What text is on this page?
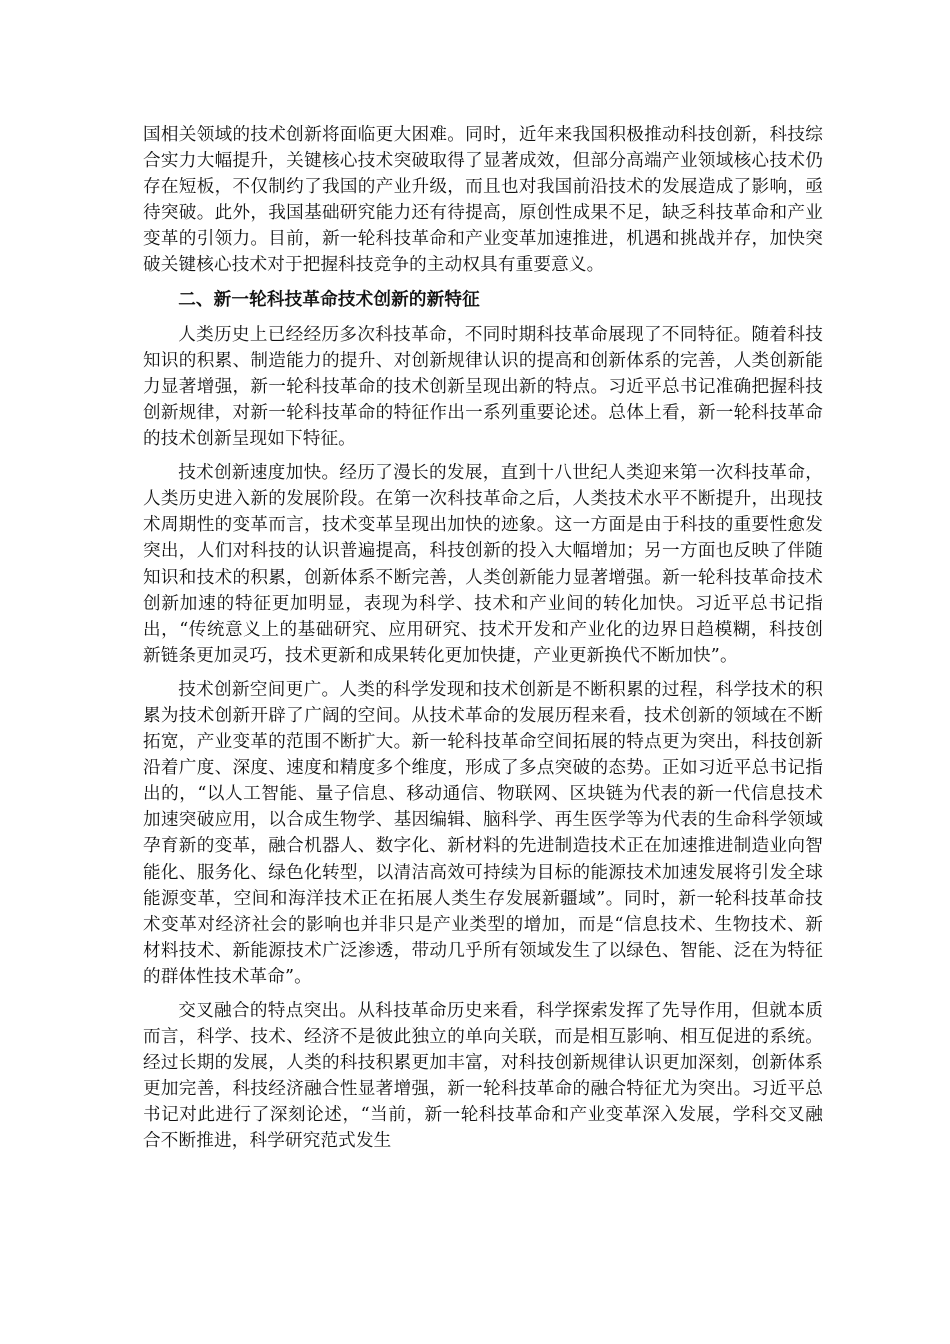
国相关领域的技术创新将面临更大困难。同时，近年来我国积极推动科技创新，科技综合实力大幅提升，关键核心技术突破取得了显著成效，但部分高端产业领域核心技术仍存在短板，不仅制约了我国的产业升级，而且也对我国前沿技术的发展造成了影响，亟待突破。此外，我国基础研究能力还有待提高，原创性成果不足，缺乏科技革命和产业变革的引领力。目前，新一轮科技革命和产业变革加速推进，机遇和挑战并存，加快突破关键核心技术对于把握科技竞争的主动权具有重要意义。

二、新一轮科技革命技术创新的新特征

人类历史上已经经历多次科技革命，不同时期科技革命展现了不同特征。随着科技知识的积累、制造能力的提升、对创新规律认识的提高和创新体系的完善，人类创新能力显著增强，新一轮科技革命的技术创新呈现出新的特点。习近平总书记准确把握科技创新规律，对新一轮科技革命的特征作出一系列重要论述。总体上看，新一轮科技革命的技术创新呈现如下特征。

技术创新速度加快。经历了漫长的发展，直到十八世纪人类迎来第一次科技革命，人类历史进入新的发展阶段。在第一次科技革命之后，人类技术水平不断提升，出现技术周期性的变革而言，技术变革呈现出加快的迹象。这一方面是由于科技的重要性愈发突出，人们对科技的认识普遍提高，科技创新的投入大幅增加；另一方面也反映了伴随知识和技术的积累，创新体系不断完善，人类创新能力显著增强。新一轮科技革命技术创新加速的特征更加明显，表现为科学、技术和产业间的转化加快。习近平总书记指出，“传统意义上的基础研究、应用研究、技术开发和产业化的边界日趋模糊，科技创新链条更加灵巧，技术更新和成果转化更加快捷，产业更新换代不断加快”。

技术创新空间更广。人类的科学发现和技术创新是不断积累的过程，科学技术的积累为技术创新开辟了广阔的空间。从技术革命的发展历程来看，技术创新的领域在不断拓宽，产业变革的范围不断扩大。新一轮科技革命空间拓展的特点更为突出，科技创新沿着广度、深度、速度和精度多个维度，形成了多点突破的态势。正如习近平总书记指出的，“以人工智能、量子信息、移动通信、物联网、区块链为代表的新一代信息技术加速突破应用，以合成生物学、基因编辑、脑科学、再生医学等为代表的生命科学领域孕育新的变革，融合机器人、数字化、新材料的先进制造技术正在加速推进制造业向智能化、服务化、绿色化转型，以清洁高效可持续为目标的能源技术加速发展将引发全球能源变革，空间和海洋技术正在拓展人类生存发展新疆域”。同时，新一轮科技革命技术变革对经济社会的影响也并非只是产业类型的增加，而是“信息技术、生物技术、新材料技术、新能源技术广泛渗透，带动几乎所有领域发生了以绿色、智能、泛在为特征的群体性技术革命”。

交叉融合的特点突出。从科技革命历史来看，科学探索发挥了先导作用，但就本质而言，科学、技术、经济不是彼此独立的单向关联，而是相互影响、相互促进的系统。经过长期的发展，人类的科技积累更加丰富，对科技创新规律认识更加深刻，创新体系更加完善，科技经济融合性显著增强，新一轮科技革命的融合特征尤为突出。习近平总书记对此进行了深刻论述，“当前，新一轮科技革命和产业变革深入发展，学科交叉融合不断推进，科学研究范式发生
